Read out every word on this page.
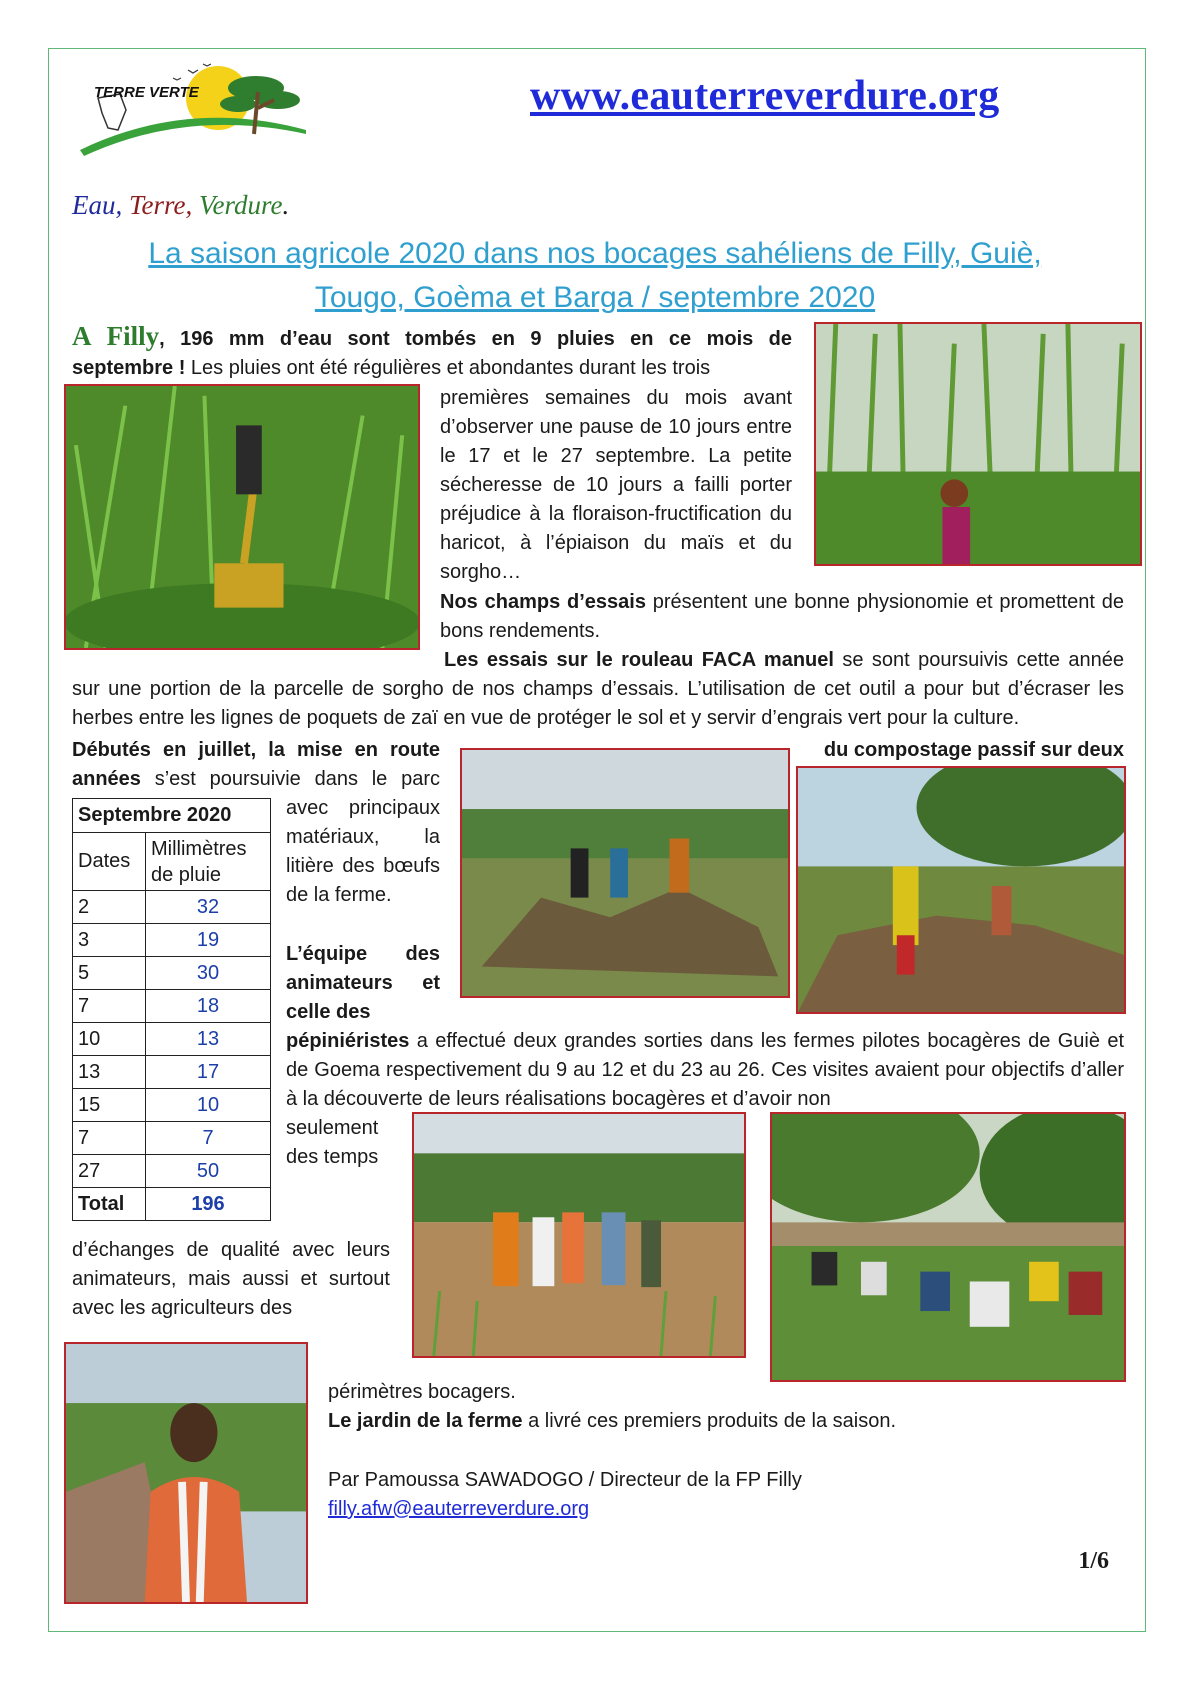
TERRE VERTE	www.eauterreverdure.org
Eau, Terre, Verdure.
La saison agricole 2020 dans nos bocages sahéliens de Filly, Guiè,
Tougo, Goèma et Barga / septembre 2020
A Filly, 196 mm d’eau sont tombés en 9 pluies en ce mois de
septembre ! Les pluies ont été régulières et abondantes durant les trois
premières semaines du mois avant d’observer une pause de 10 jours entre le 17 et le 27 septembre. La petite sécheresse de 10 jours a failli porter préjudice à la floraison-fructification du haricot, à l’épiaison du maïs et du sorgho…
Nos champs d’essais présentent une bonne physionomie et promettent de bons rendements.
Les essais sur le rouleau FACA manuel se sont poursuivis cette année sur une portion de la parcelle de sorgho de nos champs d’essais. L’utilisation de cet outil a pour but d’écraser les herbes entre les lignes de poquets de zaï en vue de protéger le sol et y servir d’engrais vert pour la culture.
Débutés en juillet, la mise en route	du compostage passif sur deux
années s’est poursuivie dans le parc
avec principaux matériaux, la litière des bœufs de la ferme.
Septembre 2020	
Dates	Millimètres de pluie
2	32
3	19
5	30
7	18
10	13
13	17
15	10
7	7
27	50
Total	196
L’équipe des animateurs et celle des
pépiniéristes a effectué deux grandes sorties dans les fermes pilotes bocagères de Guiè et de Goema respectivement du 9 au 12 et du 23 au 26. Ces visites avaient pour objectifs d’aller à la découverte de leurs réalisations bocagères et d’avoir non
seulement des temps
d’échanges de qualité avec leurs animateurs, mais aussi et surtout avec les agriculteurs des
périmètres bocagers.
Le jardin de la ferme a livré ces premiers produits de la saison.
Par Pamoussa SAWADOGO / Directeur de la FP Filly
filly.afw@eauterreverdure.org
1/6
